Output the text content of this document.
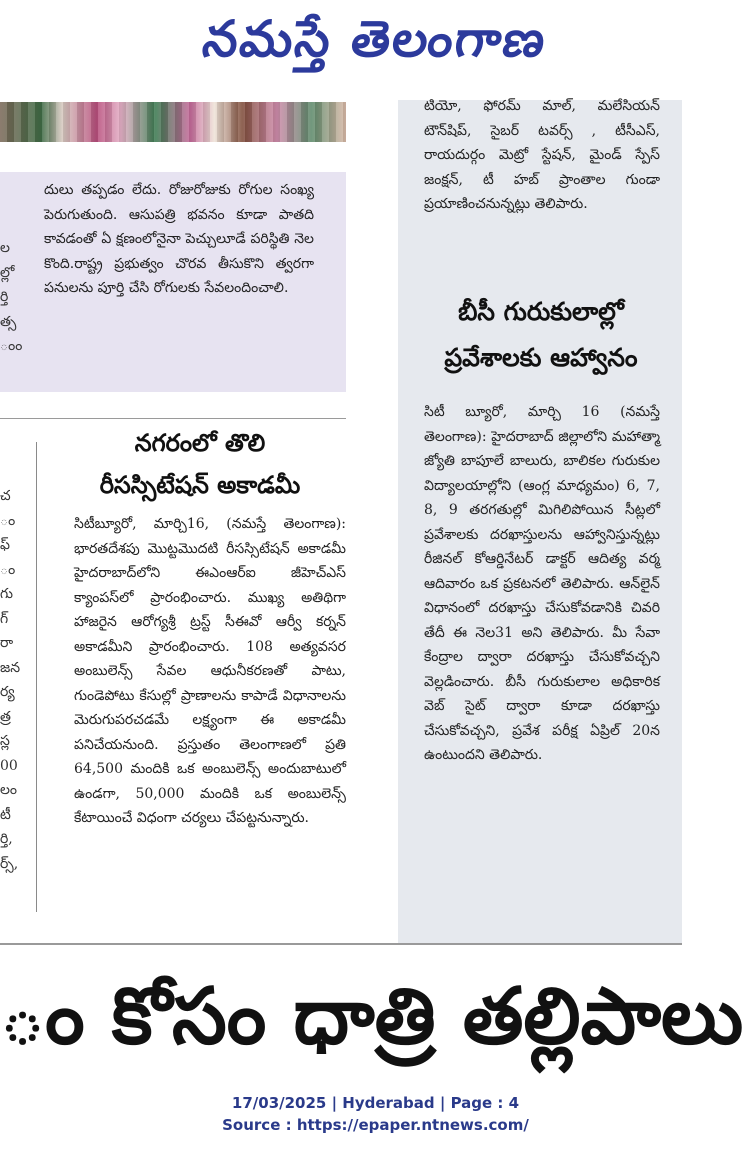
నమస్తే తెలంగాణ
ల
ల్లో
ర్తి
త్స
ంం

దులు తప్పడం లేదు. రోజురోజుకు రోగుల సంఖ్య పెరుగుతుంది. ఆసుపత్రి భవనం కూడా పాతది కావడంతో ఏ క్షణంలోనైనా పెచ్చులూడే పరిస్థితి నెల కొంది.రాష్ట్ర ప్రభుత్వం చొరవ తీసుకొని త్వరగా పనులను పూర్తి చేసి రోగులకు సేవలందించాలి.

టియో, ఫోరమ్ మాల్, మలేసియన్ టౌన్‌షిప్, సైబర్ టవర్స్ , టీసీఎస్, రాయదుర్గం మెట్రో స్టేషన్, మైండ్ స్పేస్ జంక్షన్, టీ హబ్ ప్రాంతాల గుండా ప్రయాణించనున్నట్లు తెలిపారు.

బీసీ గురుకులాల్లో

ప్రవేశాలకు ఆహ్వానం

సిటీ బ్యూరో, మార్చి 16 (నమస్తే తెలంగాణ): హైదరాబాద్ జిల్లాలోని మహాత్మా జ్యోతి బాపూలే బాలురు, బాలికల గురుకుల విద్యాలయాల్లోని (ఆంగ్ల మాధ్యమం) 6, 7, 8, 9 తరగతుల్లో మిగిలిపోయిన సీట్లలో ప్రవేశాలకు దరఖాస్తులను ఆహ్వానిస్తున్నట్లు రీజినల్ కోఆర్డినేటర్ డాక్టర్ ఆదిత్య వర్మ ఆదివారం ఒక ప్రకటనలో తెలిపారు. ఆన్‌లైన్ విధానంలో దరఖాస్తు చేసుకోవడానికి చివరి తేదీ ఈ నెల31 అని తెలిపారు. మీ సేవా కేంద్రాల ద్వారా దరఖాస్తు చేసుకోవచ్చని వెల్లడించారు. బీసీ గురుకులాల అధికారిక వెబ్ సైట్ ద్వారా కూడా దరఖాస్తు చేసుకోవచ్చని, ప్రవేశ పరీక్ష ఏప్రిల్ 20న ఉంటుందని తెలిపారు.

చ
ం
ఫ్
ం
గు
గ్
రా
జన
ర్య
త్ర
స్ల
00
లం
టీ
ర్తి,
ర్స్,

నగరంలో తొలి

రీసస్సిటేషన్ అకాడమీ

సిటీబ్యూరో, మార్చి16, (నమస్తే తెలంగాణ): భారతదేశపు మొట్టమొదటి రీసస్సిటేషన్ అకాడమీ హైదరాబాద్‌లోని ఈఎంఆర్ఐ జీహెచ్ఎస్ క్యాంపస్‌లో ప్రారంభించారు. ముఖ్య అతిథిగా హాజరైన ఆరోగ్యశ్రీ ట్రస్ట్ సీఈవో ఆర్వీ కర్నన్ అకాడమీని ప్రారంభించారు. 108 అత్యవసర అంబులెన్స్ సేవల ఆధునీకరణతో పాటు, గుండెపోటు కేసుల్లో ప్రాణాలను కాపాడే విధానాలను మెరుగుపరచడమే లక్ష్యంగా ఈ అకాడమీ పనిచేయనుంది. ప్రస్తుతం తెలంగాణలో ప్రతి 64,500 మందికి ఒక అంబులెన్స్ అందుబాటులో ఉండగా, 50,000 మందికి ఒక అంబులెన్స్ కేటాయించే విధంగా చర్యలు చేపట్టనున్నారు.

ం కోసం ధాత్రి తల్లిపాలు
17/03/2025 | Hyderabad | Page : 4
Source : https://epaper.ntnews.com/
